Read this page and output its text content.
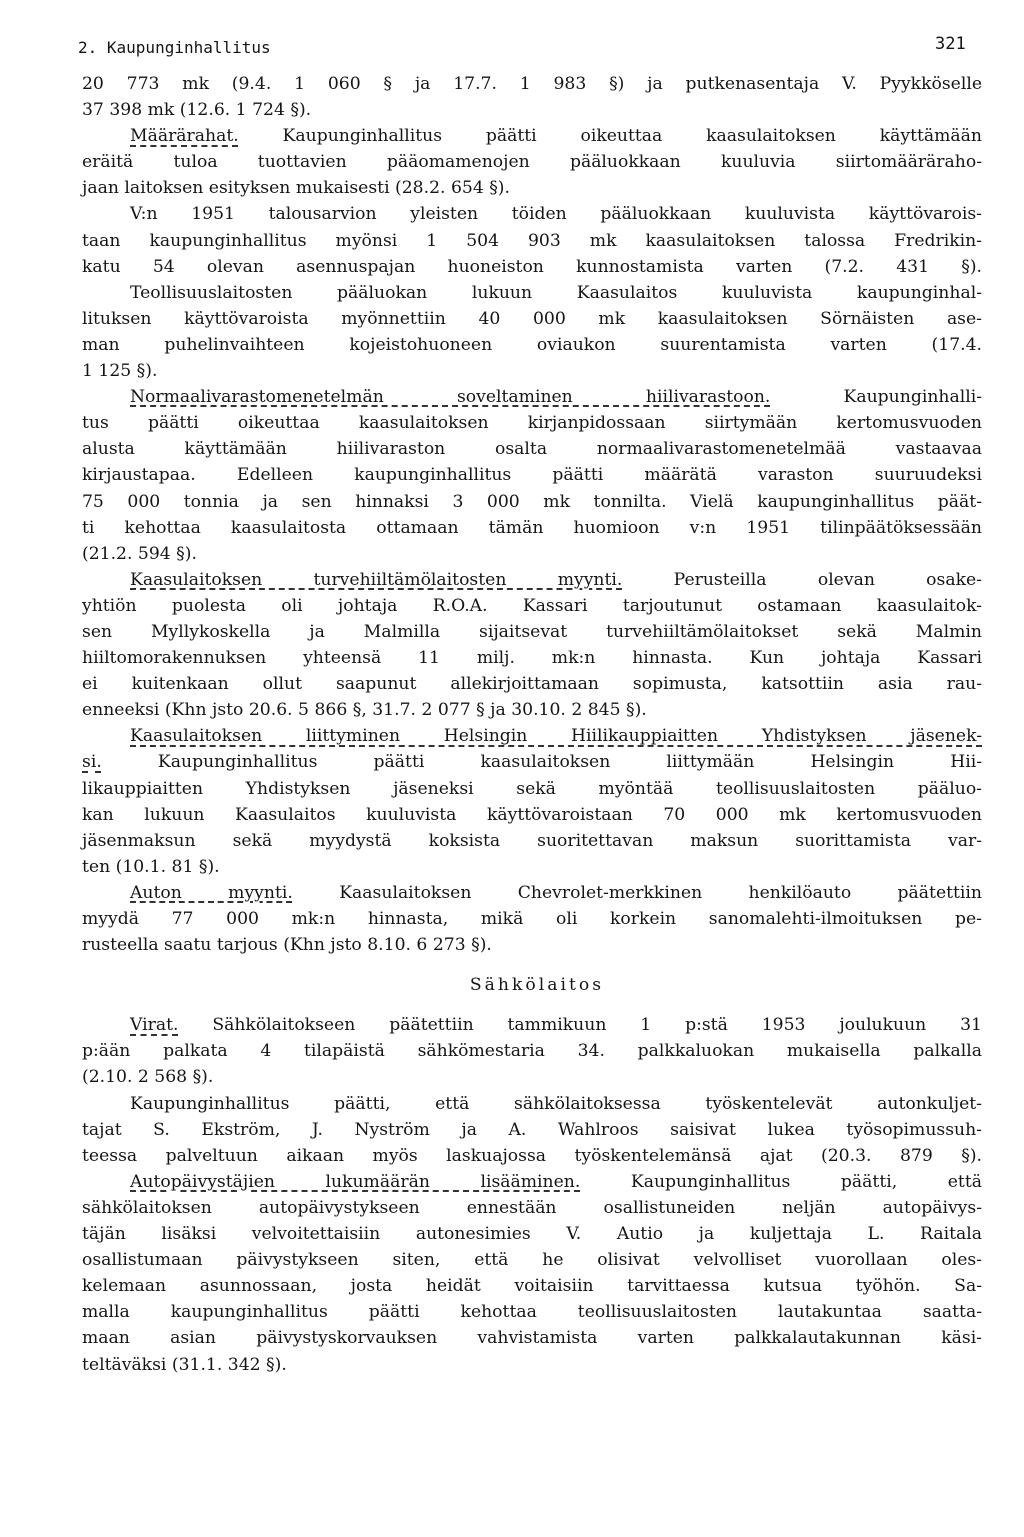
2. Kaupunginhallitus	321
20 773 mk (9.4. 1 060 § ja 17.7. 1 983 §) ja putkenasentaja V. Pyykköselle
37 398 mk (12.6. 1 724 §).
Määrärahat. Kaupunginhallitus päätti oikeuttaa kaasulaitoksen käyttämään
eräitä tuloa tuottavien pääomamenojen pääluokkaan kuuluvia siirtomääräraho-
jaan laitoksen esityksen mukaisesti (28.2. 654 §).
V:n 1951 talousarvion yleisten töiden pääluokkaan kuuluvista käyttövarois-
taan kaupunginhallitus myönsi 1 504 903 mk kaasulaitoksen talossa Fredrikin-
katu 54 olevan asennuspajan huoneiston kunnostamista varten (7.2. 431 §).
Teollisuuslaitosten pääluokan lukuun Kaasulaitos kuuluvista kaupunginhal-
lituksen käyttövaroista myönnettiin 40 000 mk kaasulaitoksen Sörnäisten ase-
man puhelinvaihteen kojeistohuoneen oviaukon suurentamista varten (17.4.
1 125 §).
Normaalivarastomenetelmän soveltaminen hiilivarastoon. Kaupunginhalli-
tus päätti oikeuttaa kaasulaitoksen kirjanpidossaan siirtymään kertomusvuoden
alusta käyttämään hiilivaraston osalta normaalivarastomenetelmää vastaavaa
kirjaustapaa. Edelleen kaupunginhallitus päätti määrätä varaston suuruudeksi
75 000 tonnia ja sen hinnaksi 3 000 mk tonnilta. Vielä kaupunginhallitus päät-
ti kehottaa kaasulaitosta ottamaan tämän huomioon v:n 1951 tilinpäätöksessään
(21.2. 594 §).
Kaasulaitoksen turvehiiltämölaitosten myynti. Perusteilla olevan osake-
yhtiön puolesta oli johtaja R.O.A. Kassari tarjoutunut ostamaan kaasulaitok-
sen Myllykoskella ja Malmilla sijaitsevat turvehiiltämölaitokset sekä Malmin
hiiltomorakennuksen yhteensä 11 milj. mk:n hinnasta. Kun johtaja Kassari
ei kuitenkaan ollut saapunut allekirjoittamaan sopimusta, katsottiin asia rau-
enneeksi (Khn jsto 20.6. 5 866 §, 31.7. 2 077 § ja 30.10. 2 845 §).
Kaasulaitoksen liittyminen Helsingin Hiilikauppiaitten Yhdistyksen jäsenek-
si. Kaupunginhallitus päätti kaasulaitoksen liittymään Helsingin Hii-
likauppiaitten Yhdistyksen jäseneksi sekä myöntää teollisuuslaitosten pääluo-
kan lukuun Kaasulaitos kuuluvista käyttövaroistaan 70 000 mk kertomusvuoden
jäsenmaksun sekä myydystä koksista suoritettavan maksun suorittamista var-
ten (10.1. 81 §).
Auton myynti. Kaasulaitoksen Chevrolet-merkkinen henkilöauto päätettiin
myydä 77 000 mk:n hinnasta, mikä oli korkein sanomalehti-ilmoituksen pe-
rusteella saatu tarjous (Khn jsto 8.10. 6 273 §).
Sähkölaitos
Virat. Sähkölaitokseen päätettiin tammikuun 1 p:stä 1953 joulukuun 31
p:ään palkata 4 tilapäistä sähkömestaria 34. palkkaluokan mukaisella palkalla
(2.10. 2 568 §).
Kaupunginhallitus päätti, että sähkölaitoksessa työskentelevät autonkuljet-
tajat S. Ekström, J. Nyström ja A. Wahlroos saisivat lukea työsopimussuh-
teessa palveltuun aikaan myös laskuajossa työskentelemänsä ajat (20.3. 879 §).
Autopäivystäjien lukumäärän lisääminen. Kaupunginhallitus päätti, että
sähkölaitoksen autopäivystykseen ennestään osallistuneiden neljän autopäivys-
täjän lisäksi velvoitettaisiin autonesimies V. Autio ja kuljettaja L. Raitala
osallistumaan päivystykseen siten, että he olisivat velvolliset vuorollaan oles-
kelemaan asunnossaan, josta heidät voitaisiin tarvittaessa kutsua työhön. Sa-
malla kaupunginhallitus päätti kehottaa teollisuuslaitosten lautakuntaa saatta-
maan asian päivystyskorvauksen vahvistamista varten palkkalautakunnan käsi-
teltäväksi (31.1. 342 §).
